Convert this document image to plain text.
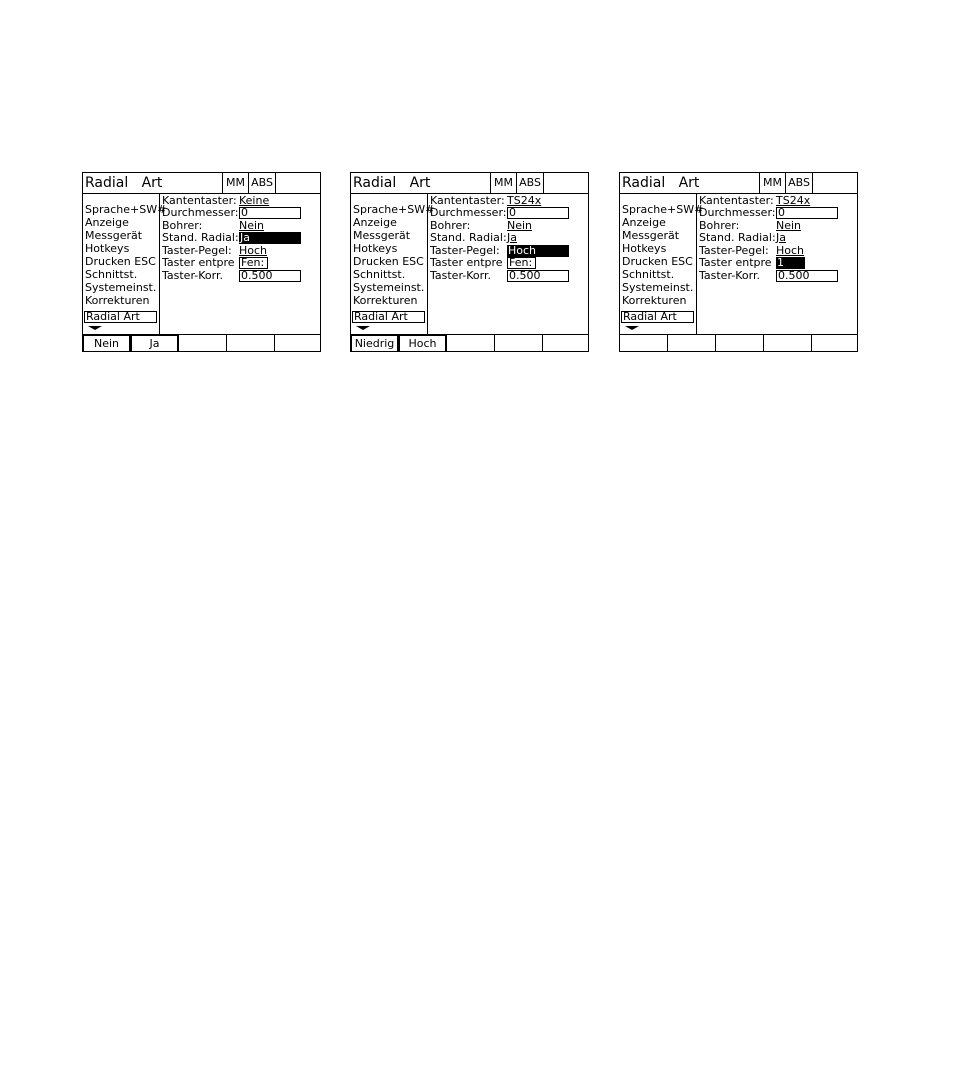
Radial   Art	MM ABS
Sprache+SW#
Anzeige
Messgerät
Hotkeys
Drucken ESC
Schnittst.
Systemeinst.
Korrekturen
Radial Art
Kantentaster: Keine
Durchmesser: 0
Bohrer:	Nein
Stand. Radial: Ja
Taster-Pegel: Hoch
Taster entpre Fen:
Taster-Korr. 0.500
Nein	Ja
Radial   Art	MM ABS
Sprache+SW#
Anzeige
Messgerät
Hotkeys
Drucken ESC
Schnittst.
Systemeinst.
Korrekturen
Radial Art
Kantentaster: TS24x
Durchmesser: 0
Bohrer:	Nein
Stand. Radial: Ja
Taster-Pegel: Hoch
Taster entpre Fen:
Taster-Korr. 0.500
Niedrig	Hoch
Radial   Art	MM ABS
Sprache+SW#
Anzeige
Messgerät
Hotkeys
Drucken ESC
Schnittst.
Systemeinst.
Korrekturen
Radial Art
Kantentaster: TS24x
Durchmesser: 0
Bohrer:	Nein
Stand. Radial: Ja
Taster-Pegel: Hoch
Taster entpre 1
Taster-Korr. 0.500
